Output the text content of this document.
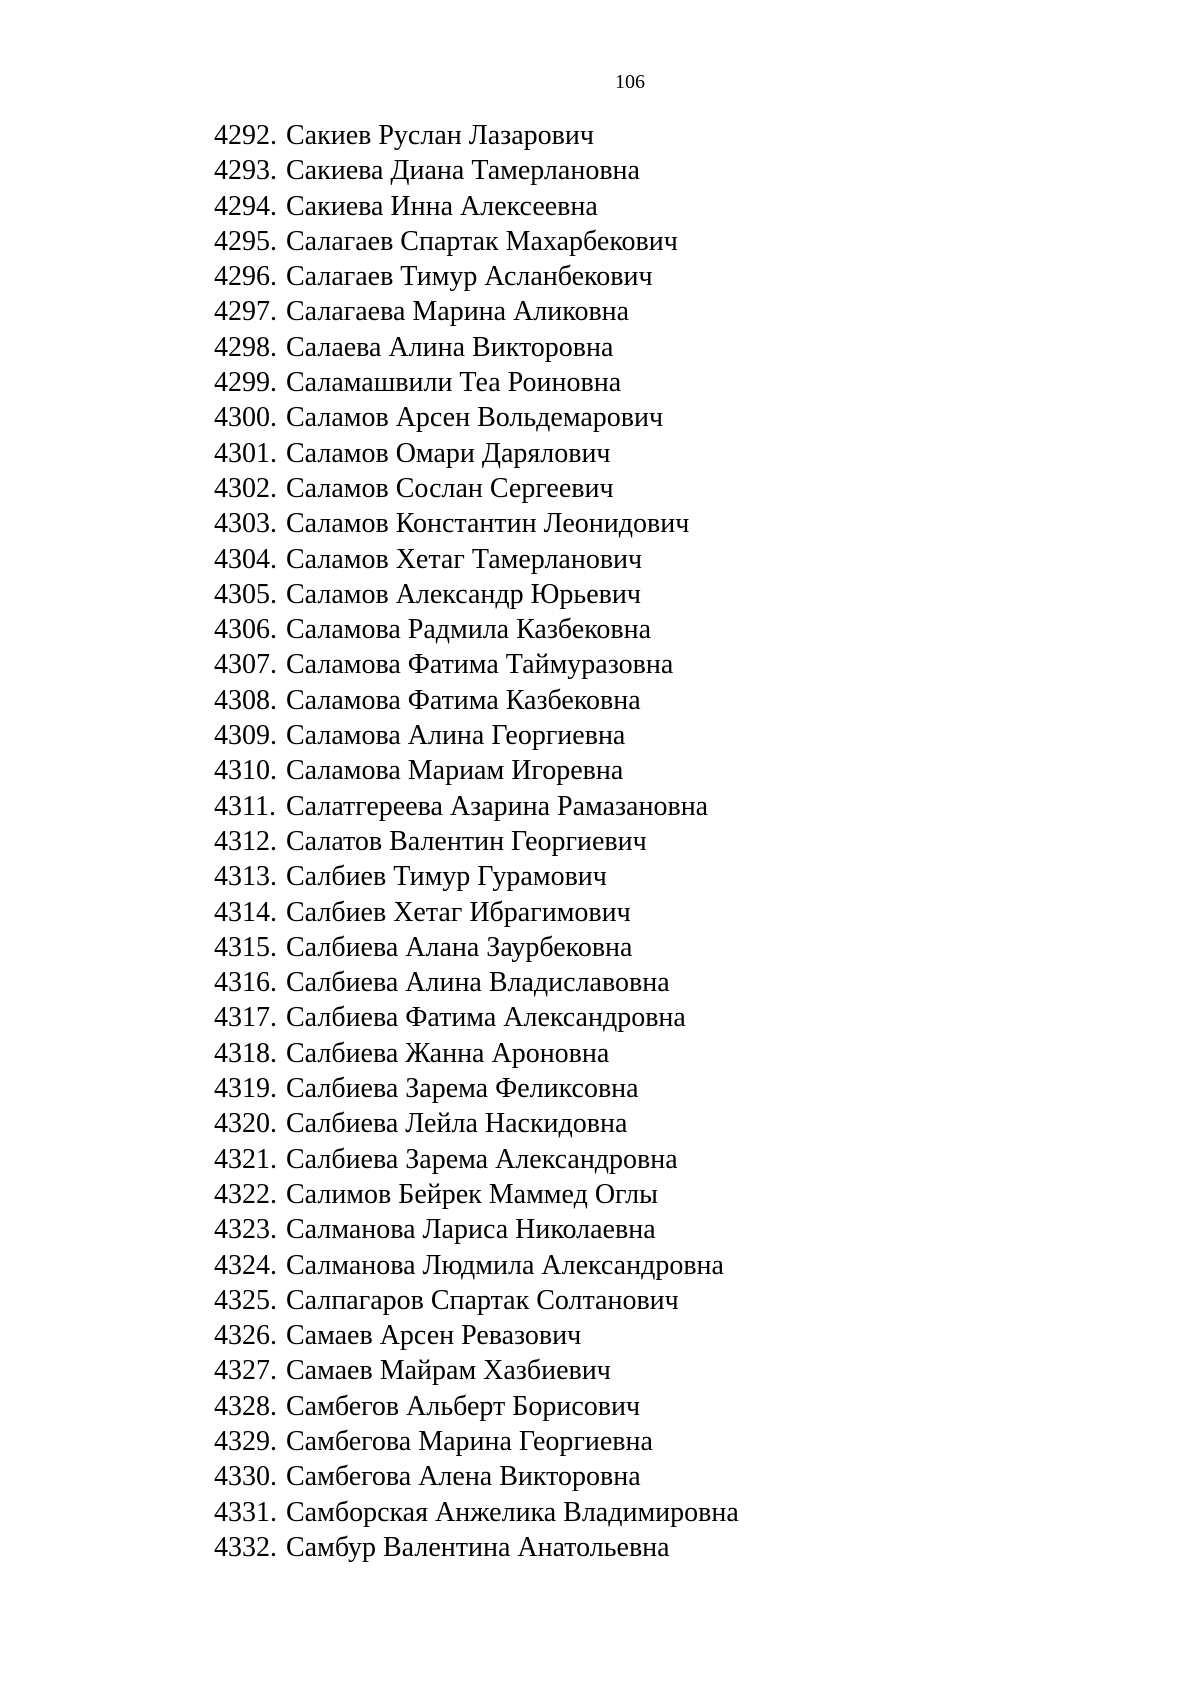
106
4292. Сакиев Руслан Лазарович
4293. Сакиева Диана Тамерлановна
4294. Сакиева Инна Алексеевна
4295. Салагаев Спартак Махарбекович
4296. Салагаев Тимур Асланбекович
4297. Салагаева Марина Аликовна
4298. Салаева Алина Викторовна
4299. Саламашвили Теа Роиновна
4300. Саламов Арсен Вольдемарович
4301. Саламов Омари Дарялович
4302. Саламов Сослан Сергеевич
4303. Саламов Константин Леонидович
4304. Саламов Хетаг Тамерланович
4305. Саламов Александр Юрьевич
4306. Саламова Радмила Казбековна
4307. Саламова Фатима Таймуразовна
4308. Саламова Фатима Казбековна
4309. Саламова Алина Георгиевна
4310. Саламова Мариам Игоревна
4311. Салатгереева Азарина Рамазановна
4312. Салатов Валентин Георгиевич
4313. Салбиев Тимур Гурамович
4314. Салбиев Хетаг Ибрагимович
4315. Салбиева Алана Заурбековна
4316. Салбиева Алина Владиславовна
4317. Салбиева Фатима Александровна
4318. Салбиева Жанна Ароновна
4319. Салбиева Зарема Феликсовна
4320. Салбиева Лейла Наскидовна
4321. Салбиева Зарема Александровна
4322. Салимов Бейрек Маммед Оглы
4323. Салманова Лариса Николаевна
4324. Салманова Людмила Александровна
4325. Салпагаров Спартак Солтанович
4326. Самаев Арсен Ревазович
4327. Самаев Майрам Хазбиевич
4328. Самбегов Альберт Борисович
4329. Самбегова Марина Георгиевна
4330. Самбегова Алена Викторовна
4331. Самборская Анжелика Владимировна
4332. Самбур Валентина Анатольевна
